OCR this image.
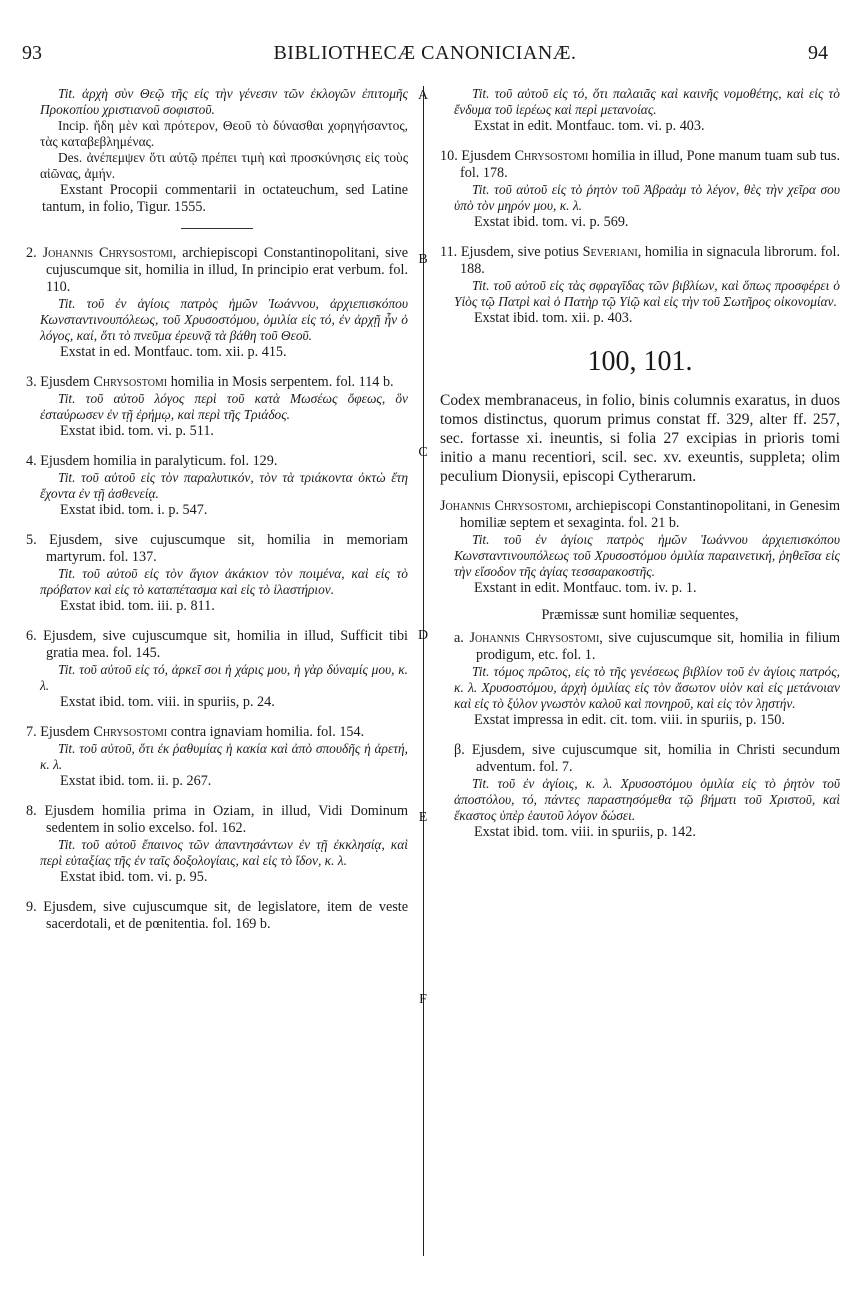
93	BIBLIOTHECÆ CANONICIANÆ.	94
A
B
C
D
E
F

Tit. ἀρχὴ σὺν Θεῷ τῆς εἰς τὴν γένεσιν τῶν ἐκλογῶν ἐπιτομῆς Προκοπίου χριστιανοῦ σοφιστοῦ.

Incip. ἤδη μὲν καὶ πρότερον, Θεοῦ τὸ δύνασθαι χορηγήσαντος, τὰς καταβεβλημένας.

Des. ἀνέπεμψεν ὅτι αὐτῷ πρέπει τιμὴ καὶ προσκύνησις εἰς τοὺς αἰῶνας, ἀμήν.

Exstant Procopii commentarii in octateuchum, sed Latine tantum, in folio, Tigur. 1555.

2. Johannis Chrysostomi, archiepiscopi Constantinopolitani, sive cujuscumque sit, homilia in illud, In principio erat verbum. fol. 110.

Tit. τοῦ ἐν ἁγίοις πατρὸς ἡμῶν Ἰωάννου, ἀρχιεπισκόπου Κωνσταντινουπόλεως, τοῦ Χρυσοστόμου, ὁμιλία εἰς τό, ἐν ἀρχῇ ἦν ὁ λόγος, καί, ὅτι τὸ πνεῦμα ἐρευνᾷ τὰ βάθη τοῦ Θεοῦ.

Exstat in ed. Montfauc. tom. xii. p. 415.

3. Ejusdem Chrysostomi homilia in Mosis serpentem. fol. 114 b.

Tit. τοῦ αὐτοῦ λόγος περὶ τοῦ κατὰ Μωσέως ὄφεως, ὃν ἐσταύρωσεν ἐν τῇ ἐρήμῳ, καὶ περὶ τῆς Τριάδος.

Exstat ibid. tom. vi. p. 511.

4. Ejusdem homilia in paralyticum. fol. 129.

Tit. τοῦ αὐτοῦ εἰς τὸν παραλυτικόν, τὸν τὰ τριάκοντα ὀκτὼ ἔτη ἔχοντα ἐν τῇ ἀσθενείᾳ.

Exstat ibid. tom. i. p. 547.

5. Ejusdem, sive cujuscumque sit, homilia in memoriam martyrum. fol. 137.

Tit. τοῦ αὐτοῦ εἰς τὸν ἅγιον ἀκάκιον τὸν ποιμένα, καὶ εἰς τὸ πρόβατον καὶ εἰς τὸ καταπέτασμα καὶ εἰς τὸ ἱλαστήριον.

Exstat ibid. tom. iii. p. 811.

6. Ejusdem, sive cujuscumque sit, homilia in illud, Sufficit tibi gratia mea. fol. 145.

Tit. τοῦ αὐτοῦ εἰς τό, ἀρκεῖ σοι ἡ χάρις μου, ἡ γὰρ δύναμίς μου, κ. λ.

Exstat ibid. tom. viii. in spuriis, p. 24.

7. Ejusdem Chrysostomi contra ignaviam homilia. fol. 154.

Tit. τοῦ αὐτοῦ, ὅτι ἐκ ῥαθυμίας ἡ κακία καὶ ἀπὸ σπουδῆς ἡ ἀρετή, κ. λ.

Exstat ibid. tom. ii. p. 267.

8. Ejusdem homilia prima in Oziam, in illud, Vidi Dominum sedentem in solio excelso. fol. 162.

Tit. τοῦ αὐτοῦ ἔπαινος τῶν ἀπαντησάντων ἐν τῇ ἐκκλησίᾳ, καὶ περὶ εὐταξίας τῆς ἐν ταῖς δοξολογίαις, καὶ εἰς τὸ ἴδον, κ. λ.

Exstat ibid. tom. vi. p. 95.

9. Ejusdem, sive cujuscumque sit, de legislatore, item de veste sacerdotali, et de pœnitentia. fol. 169 b.

Tit. τοῦ αὐτοῦ εἰς τό, ὅτι παλαιᾶς καὶ καινῆς νομοθέτης, καὶ εἰς τὸ ἔνδυμα τοῦ ἱερέως καὶ περὶ μετανοίας.

Exstat in edit. Montfauc. tom. vi. p. 403.

10. Ejusdem Chrysostomi homilia in illud, Pone manum tuam sub tus. fol. 178.

Tit. τοῦ αὐτοῦ εἰς τὸ ῥητὸν τοῦ Ἀβραὰμ τὸ λέγον, θὲς τὴν χεῖρα σου ὑπὸ τὸν μηρόν μου, κ. λ.

Exstat ibid. tom. vi. p. 569.

11. Ejusdem, sive potius Severiani, homilia in signacula librorum. fol. 188.

Tit. τοῦ αὐτοῦ εἰς τὰς σφραγῖδας τῶν βιβλίων, καὶ ὅπως προσφέρει ὁ Υἱὸς τῷ Πατρὶ καὶ ὁ Πατὴρ τῷ Υἱῷ καὶ εἰς τὴν τοῦ Σωτῆρος οἰκονομίαν.

Exstat ibid. tom. xii. p. 403.

100, 101.

Codex membranaceus, in folio, binis columnis exaratus, in duos tomos distinctus, quorum primus constat ff. 329, alter ff. 257, sec. fortasse xi. ineuntis, si folia 27 excipias in prioris tomi initio a manu recentiori, scil. sec. xv. exeuntis, suppleta; olim peculium Dionysii, episcopi Cytherarum.

Johannis Chrysostomi, archiepiscopi Constantinopolitani, in Genesim homiliæ septem et sexaginta. fol. 21 b.

Tit. τοῦ ἐν ἁγίοις πατρὸς ἡμῶν Ἰωάννου ἀρχιεπισκόπου Κωνσταντινουπόλεως τοῦ Χρυσοστόμου ὁμιλία παραινετική, ῥηθεῖσα εἰς τὴν εἴσοδον τῆς ἁγίας τεσσαρακοστῆς.

Exstant in edit. Montfauc. tom. iv. p. 1.

Præmissæ sunt homiliæ sequentes,

a. Johannis Chrysostomi, sive cujuscumque sit, homilia in filium prodigum, etc. fol. 1.

Tit. τόμος πρῶτος, εἰς τὸ τῆς γενέσεως βιβλίον τοῦ ἐν ἁγίοις πατρός, κ. λ. Χρυσοστόμου, ἀρχὴ ὁμιλίας εἰς τὸν ἄσωτον υἱὸν καὶ εἰς μετάνοιαν καὶ εἰς τὸ ξύλον γνωστὸν καλοῦ καὶ πονηροῦ, καὶ εἰς τὸν λῃστήν.

Exstat impressa in edit. cit. tom. viii. in spuriis, p. 150.

β. Ejusdem, sive cujuscumque sit, homilia in Christi secundum adventum. fol. 7.

Tit. τοῦ ἐν ἁγίοις, κ. λ. Χρυσοστόμου ὁμιλία εἰς τὸ ῥητὸν τοῦ ἀποστόλου, τό, πάντες παραστησόμεθα τῷ βήματι τοῦ Χριστοῦ, καὶ ἕκαστος ὑπὲρ ἑαυτοῦ λόγον δώσει.

Exstat ibid. tom. viii. in spuriis, p. 142.
